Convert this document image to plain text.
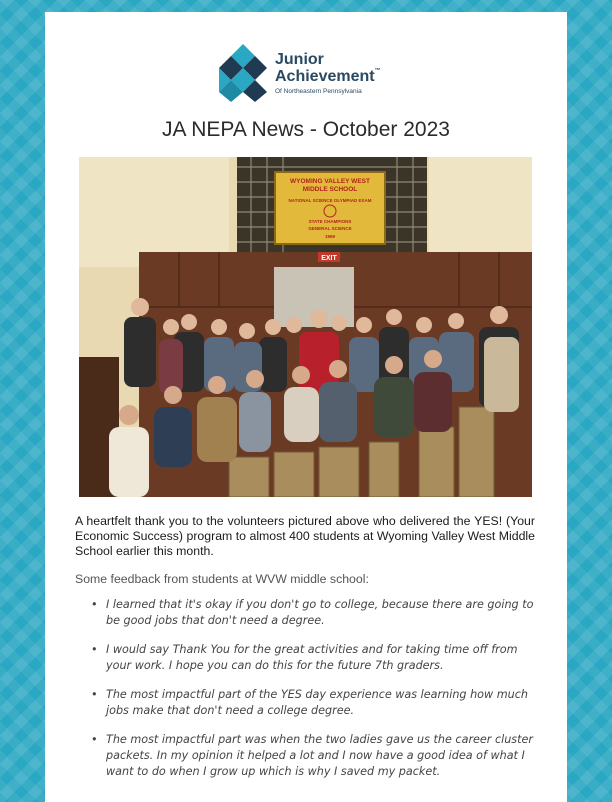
Junior
Achievement™
Of Northeastern Pennsylvania
JA NEPA News - October 2023
EXIT
WYOMING VALLEY WEST
MIDDLE SCHOOL
NATIONAL SCIENCE OLYMPIAD EXAM
STATE CHAMPIONS
GENERAL SCIENCE
1969
A heartfelt thank you to the volunteers pictured above who delivered the YES! (Your Economic Success) program to almost 400 students at Wyoming Valley West Middle School earlier this month.
Some feedback from students at WVW middle school:
• I learned that it's okay if you don't go to college, because there are going to be good jobs that don't need a degree.
• I would say Thank You for the great activities and for taking time off from your work. I hope you can do this for the future 7th graders.
• The most impactful part of the YES day experience was learning how much jobs make that don't need a college degree.
• The most impactful part was when the two ladies gave us the career cluster packets. In my opinion it helped a lot and I now have a good idea of what I want to do when I grow up which is why I saved my packet.
